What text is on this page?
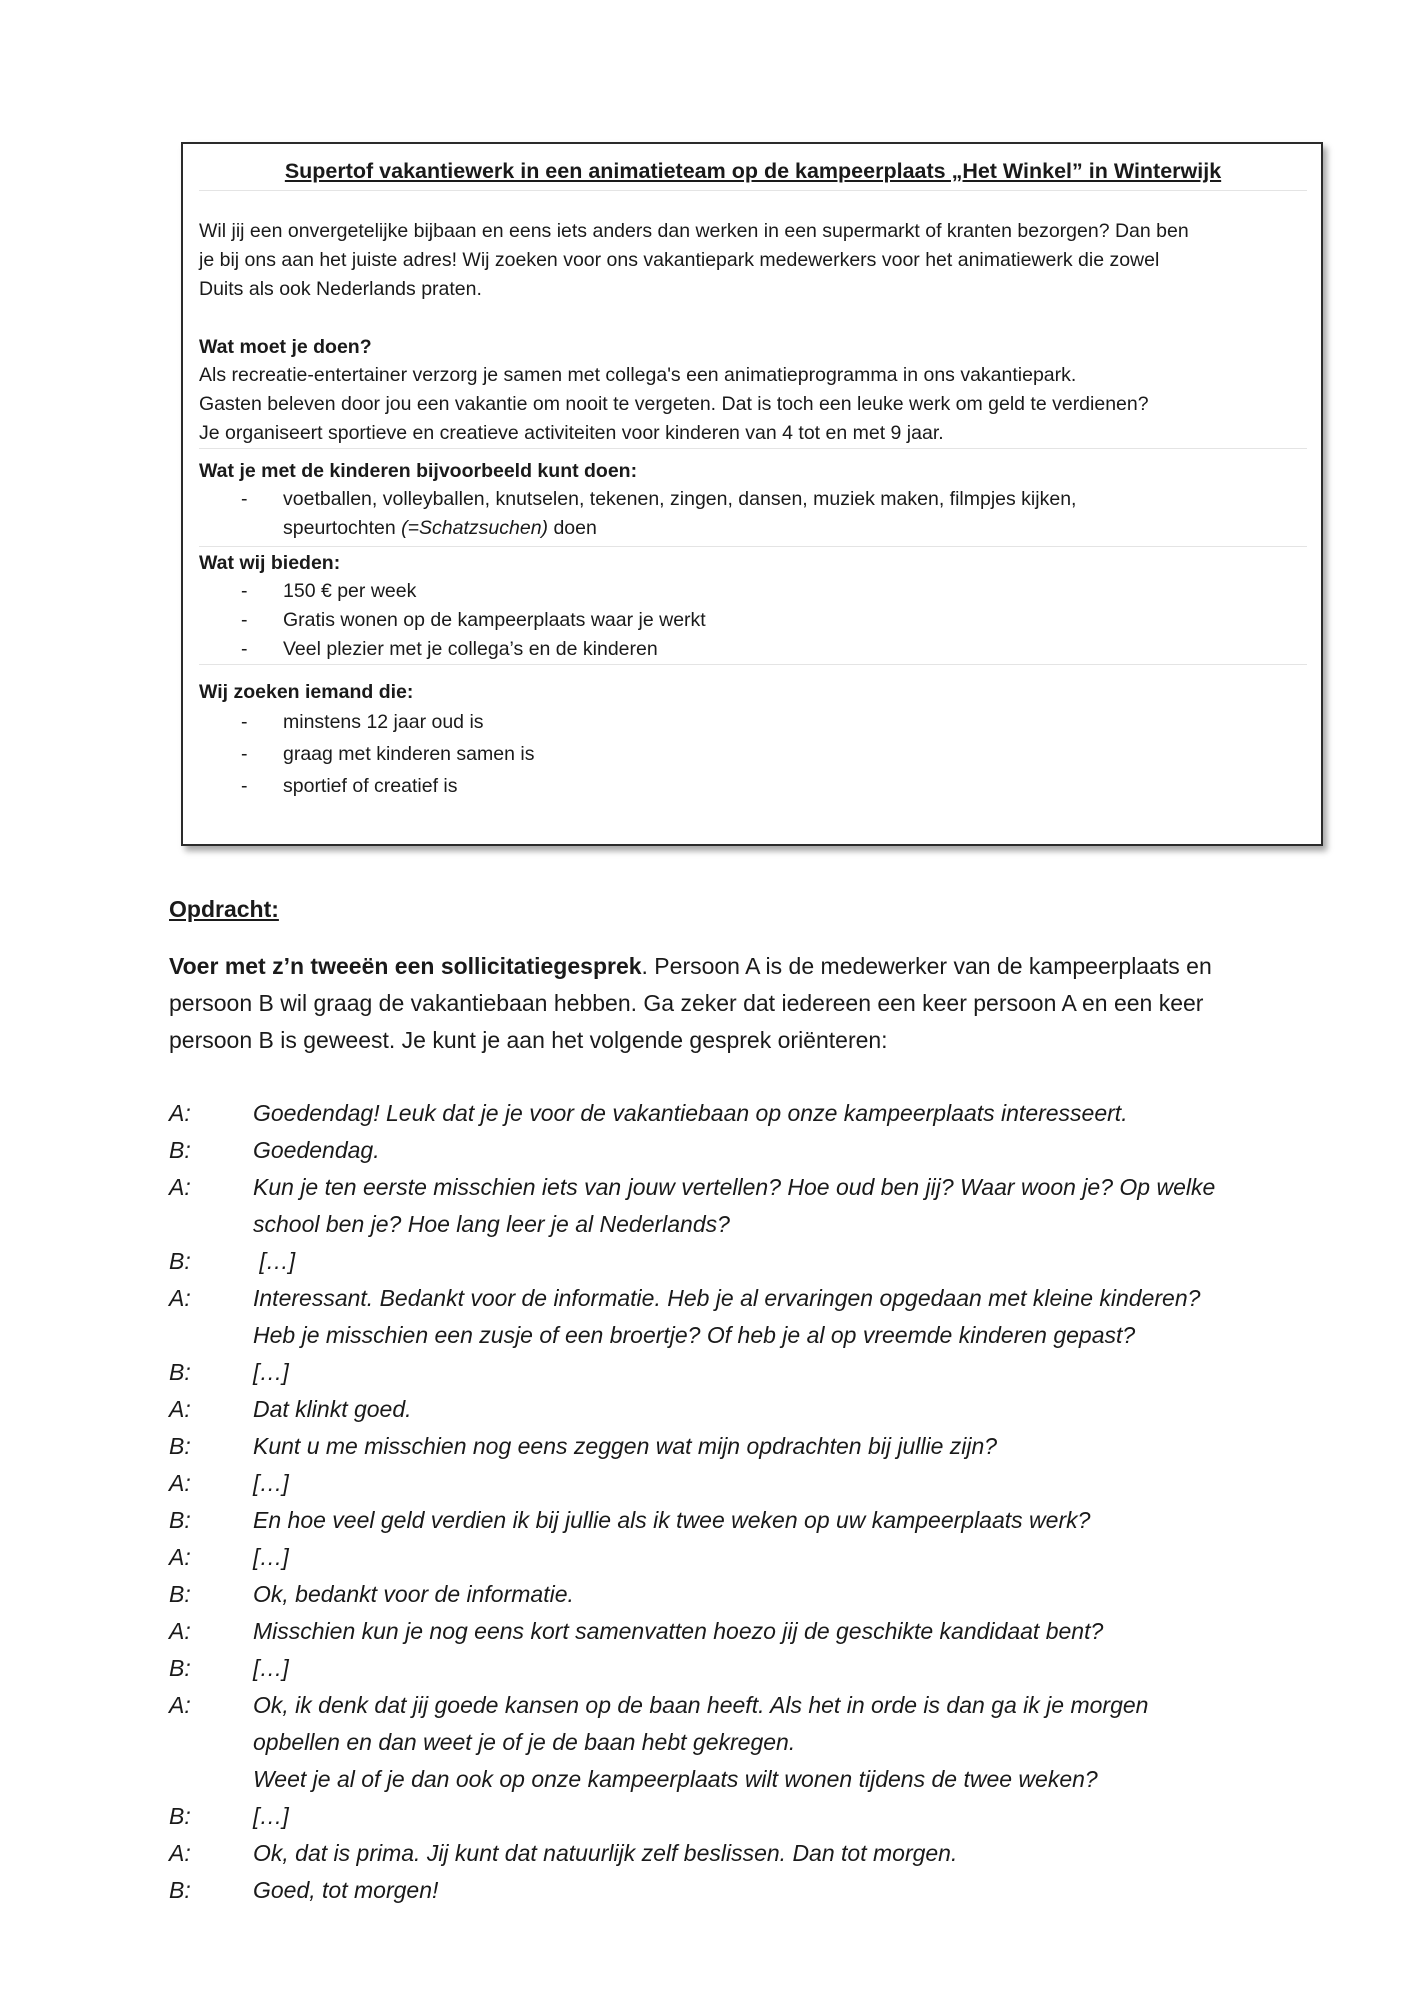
Supertof vakantiewerk in een animatieteam op de kampeerplaats „Het Winkel” in Winterwijk
Wil jij een onvergetelijke bijbaan en eens iets anders dan werken in een supermarkt of kranten bezorgen? Dan ben
je bij ons aan het juiste adres! Wij zoeken voor ons vakantiepark medewerkers voor het animatiewerk die zowel
Duits als ook Nederlands praten.
Wat moet je doen?
Als recreatie-entertainer verzorg je samen met collega's een animatieprogramma in ons vakantiepark.
Gasten beleven door jou een vakantie om nooit te vergeten. Dat is toch een leuke werk om geld te verdienen?
Je organiseert sportieve en creatieve activiteiten voor kinderen van 4 tot en met 9 jaar.
Wat je met de kinderen bijvoorbeeld kunt doen:
- voetballen, volleyballen, knutselen, tekenen, zingen, dansen, muziek maken, filmpjes kijken,
speurtochten (=Schatzsuchen) doen
Wat wij bieden:
- 150 € per week
- Gratis wonen op de kampeerplaats waar je werkt
- Veel plezier met je collega’s en de kinderen
Wij zoeken iemand die:
- minstens 12 jaar oud is
- graag met kinderen samen is
- sportief of creatief is
Opdracht:
Voer met z’n tweeën een sollicitatiegesprek. Persoon A is de medewerker van de kampeerplaats en persoon B wil graag de vakantiebaan hebben. Ga zeker dat iedereen een keer persoon A en een keer persoon B is geweest. Je kunt je aan het volgende gesprek oriënteren:
A:	Goedendag! Leuk dat je je voor de vakantiebaan op onze kampeerplaats interesseert.
B:	Goedendag.
A:	Kun je ten eerste misschien iets van jouw vertellen? Hoe oud ben jij? Waar woon je? Op welke
school ben je? Hoe lang leer je al Nederlands?
B:	[…]
A:	Interessant. Bedankt voor de informatie. Heb je al ervaringen opgedaan met kleine kinderen?
Heb je misschien een zusje of een broertje? Of heb je al op vreemde kinderen gepast?
B:	[…]
A:	Dat klinkt goed.
B:	Kunt u me misschien nog eens zeggen wat mijn opdrachten bij jullie zijn?
A:	[…]
B:	En hoe veel geld verdien ik bij jullie als ik twee weken op uw kampeerplaats werk?
A:	[…]
B:	Ok, bedankt voor de informatie.
A:	Misschien kun je nog eens kort samenvatten hoezo jij de geschikte kandidaat bent?
B:	[…]
A:	Ok, ik denk dat jij goede kansen op de baan heeft. Als het in orde is dan ga ik je morgen
opbellen en dan weet je of je de baan hebt gekregen.
Weet je al of je dan ook op onze kampeerplaats wilt wonen tijdens de twee weken?
B:	[…]
A:	Ok, dat is prima. Jij kunt dat natuurlijk zelf beslissen. Dan tot morgen.
B:	Goed, tot morgen!
